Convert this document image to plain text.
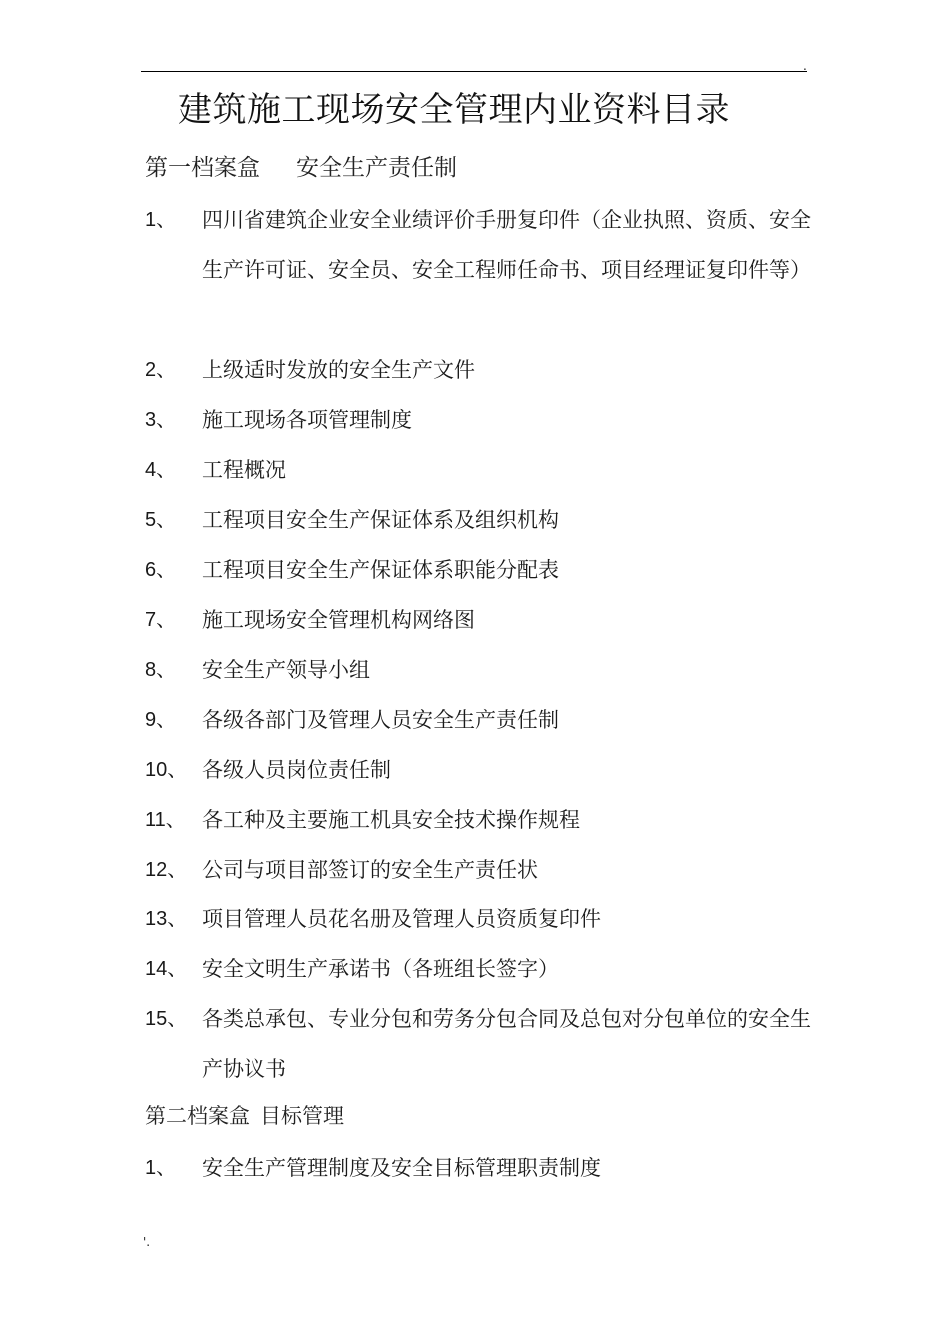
.
建筑施工现场安全管理内业资料目录
第一档案盒 安全生产责任制
1、 四川省建筑企业安全业绩评价手册复印件（企业执照、资质、安全生产许可证、安全员、安全工程师任命书、项目经理证复印件等）
2、 上级适时发放的安全生产文件
3、 施工现场各项管理制度
4、 工程概况
5、 工程项目安全生产保证体系及组织机构
6、 工程项目安全生产保证体系职能分配表
7、 施工现场安全管理机构网络图
8、 安全生产领导小组
9、 各级各部门及管理人员安全生产责任制
10、 各级人员岗位责任制
11、 各工种及主要施工机具安全技术操作规程
12、 公司与项目部签订的安全生产责任状
13、 项目管理人员花名册及管理人员资质复印件
14、 安全文明生产承诺书（各班组长签字）
15、 各类总承包、专业分包和劳务分包合同及总包对分包单位的安全生产协议书
第二档案盒 目标管理
1、 安全生产管理制度及安全目标管理职责制度
'.
